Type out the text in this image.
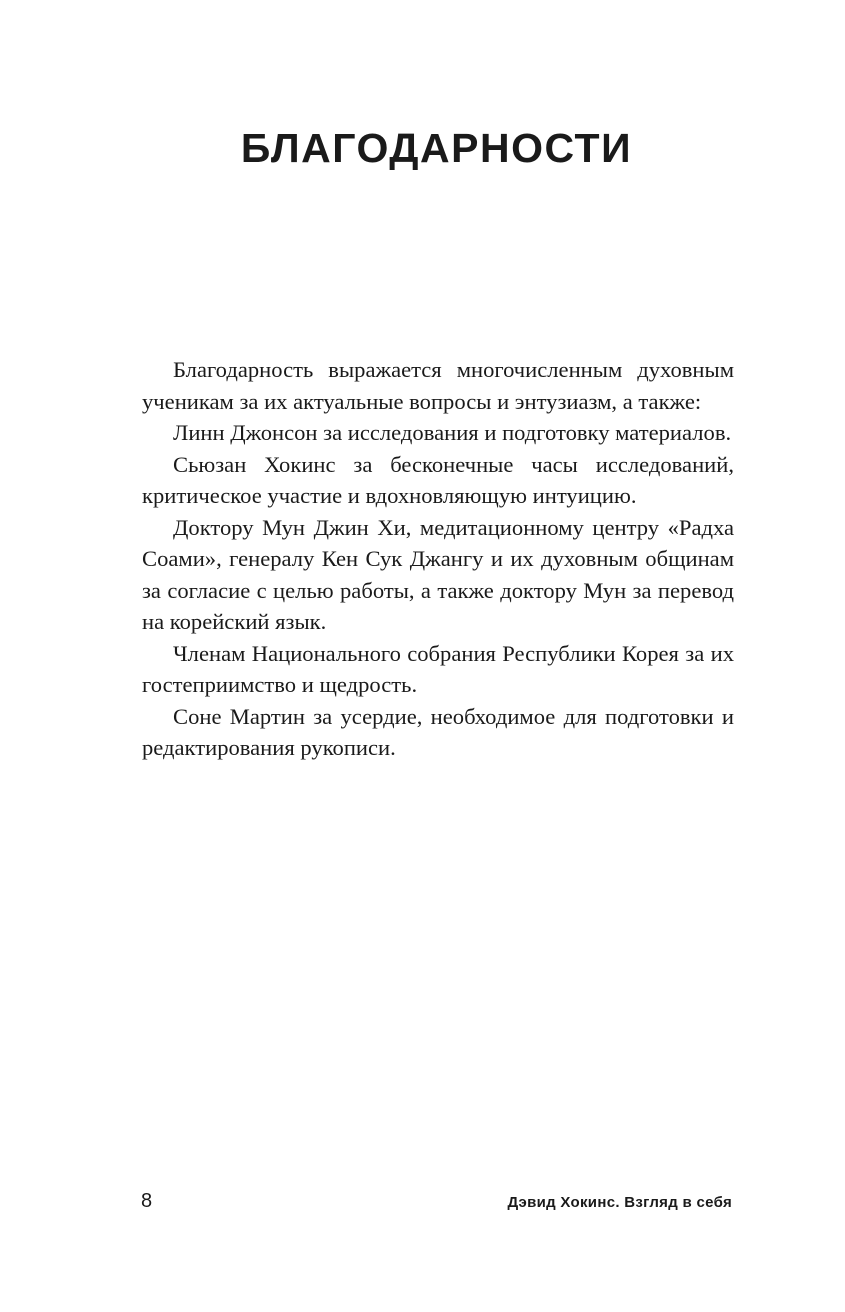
БЛАГОДАРНОСТИ

Благодарность выражается многочисленным духовным ученикам за их актуальные вопросы и энтузиазм, а также:

Линн Джонсон за исследования и подготовку материалов.

Сьюзан Хокинс за бесконечные часы исследований, критическое участие и вдохновляющую интуицию.

Доктору Мун Джин Хи, медитационному центру «Радха Соами», генералу Кен Сук Джангу и их духовным общинам за согласие с целью работы, а также доктору Мун за перевод на корейский язык.

Членам Национального собрания Республики Корея за их гостеприимство и щедрость.

Соне Мартин за усердие, необходимое для подготовки и редактирования рукописи.

8	Дэвид Хокинс. Взгляд в себя
